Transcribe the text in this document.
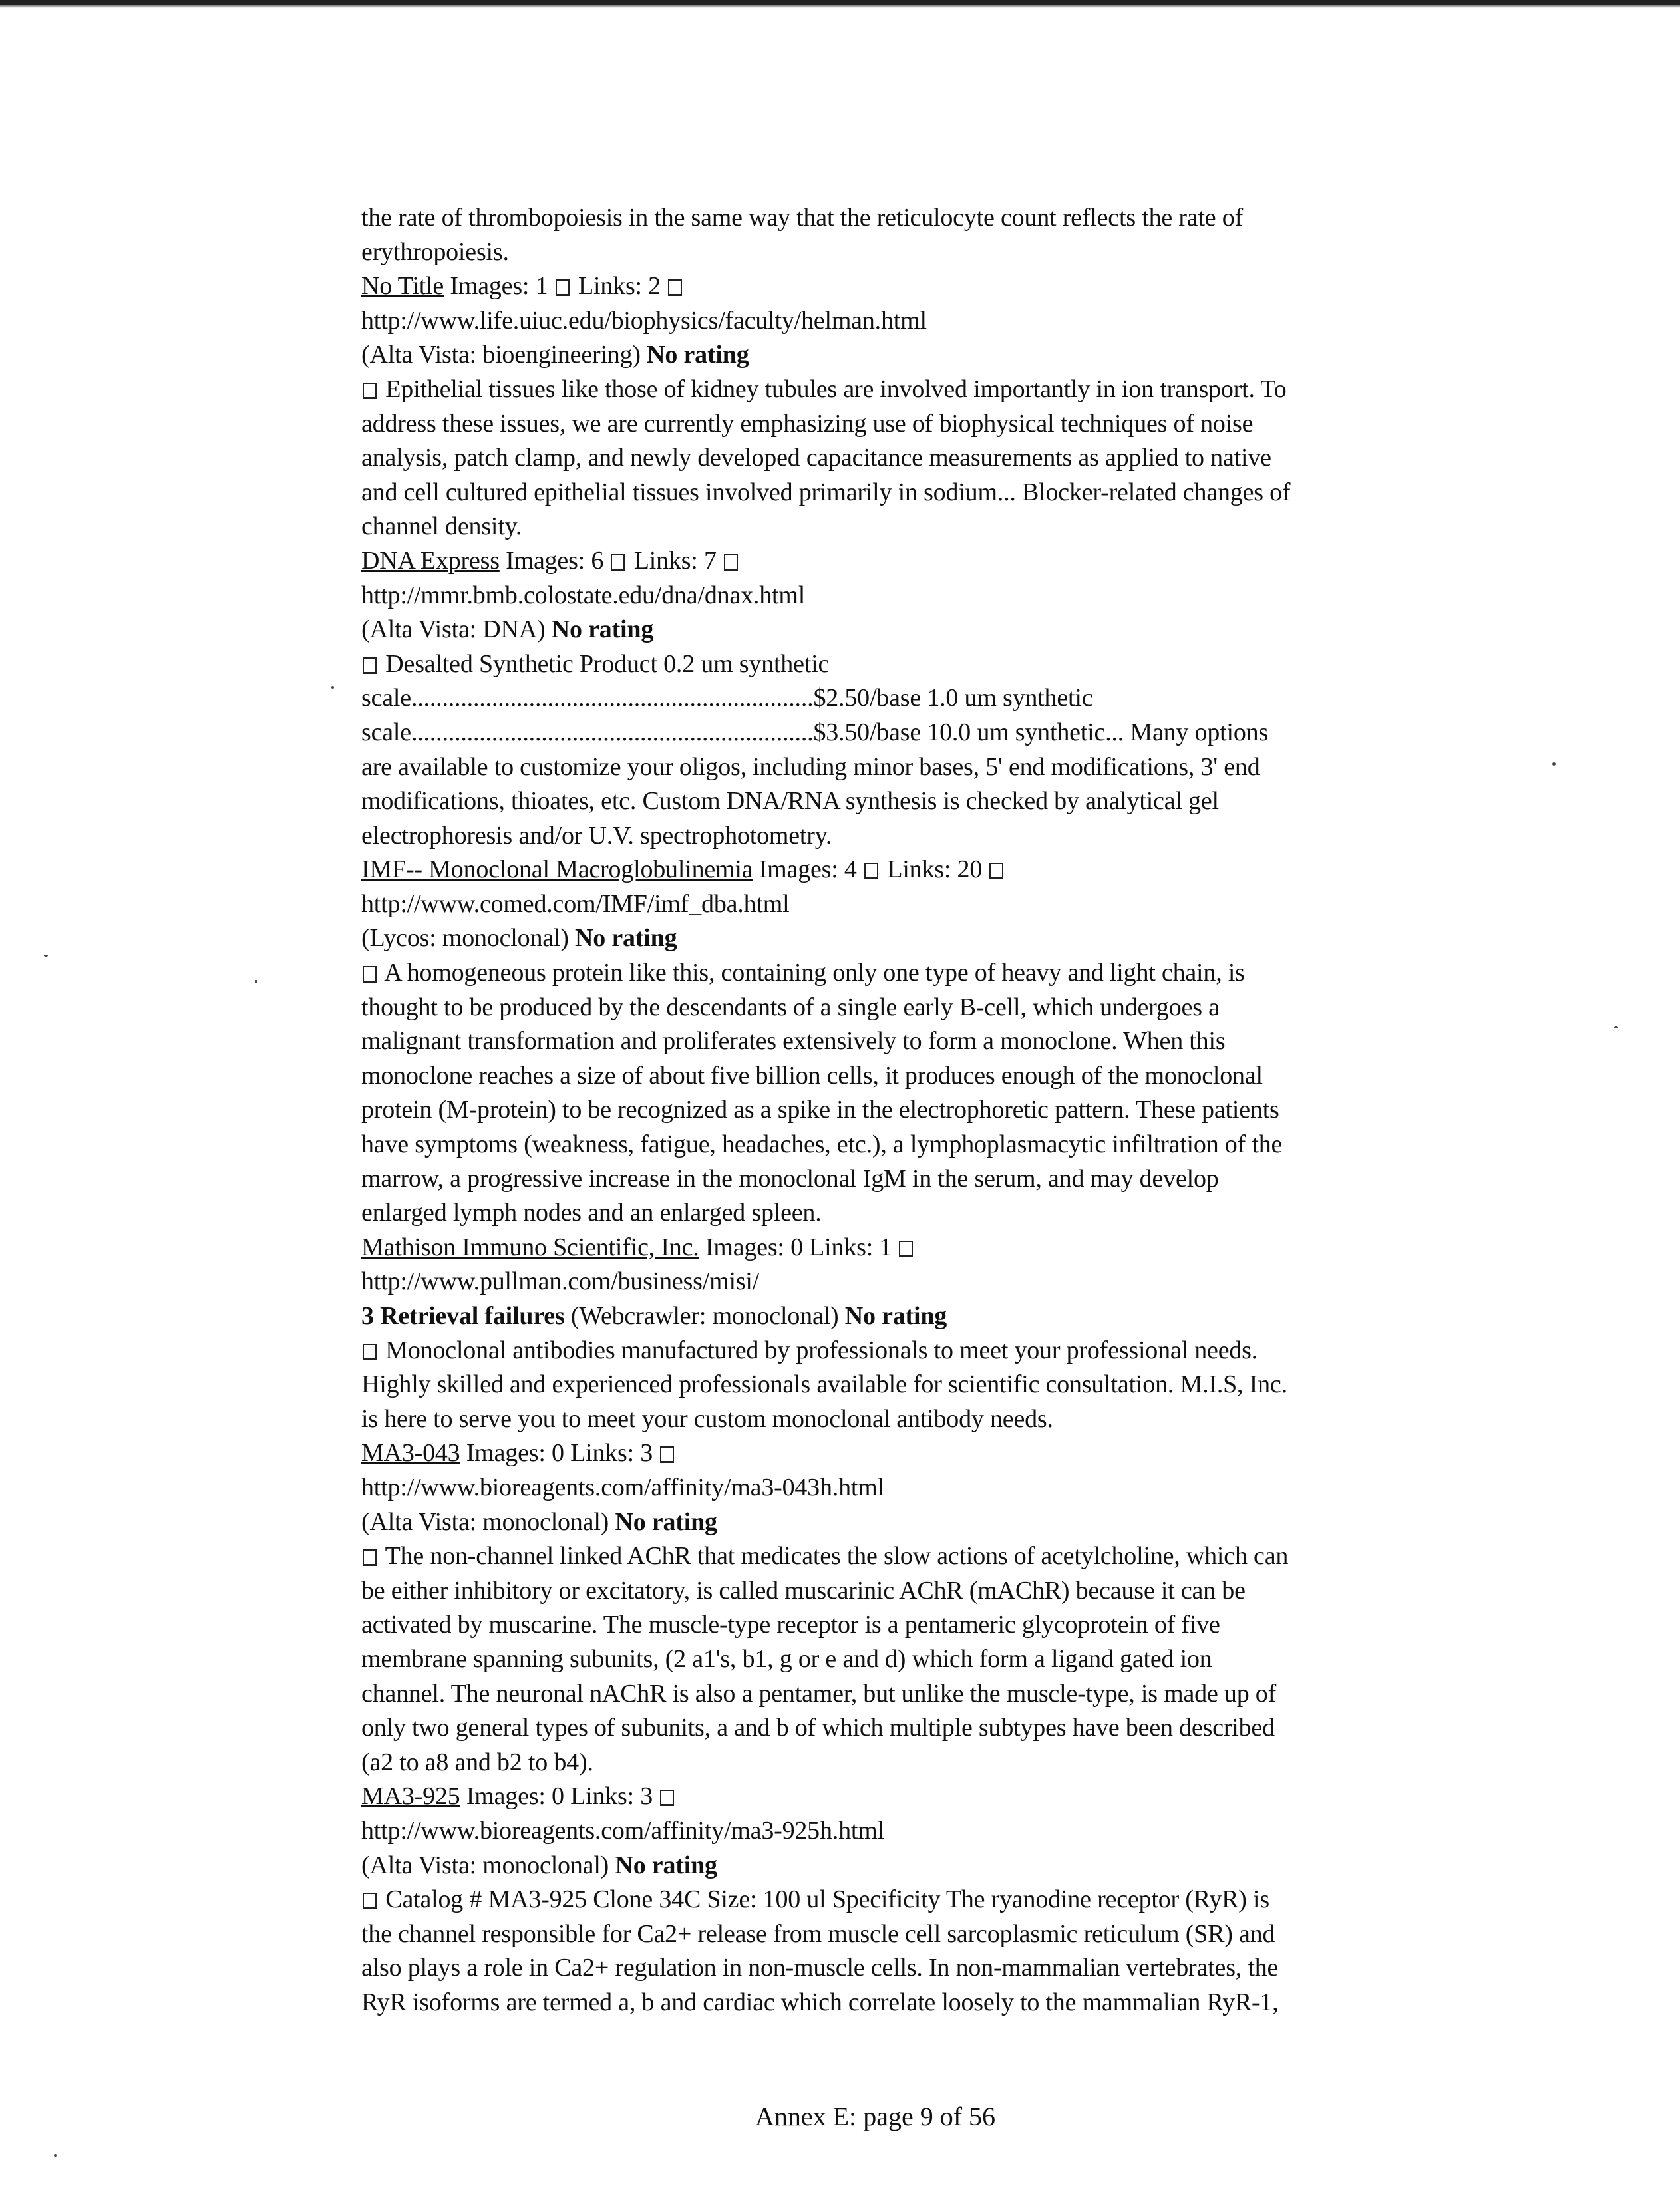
the rate of thrombopoiesis in the same way that the reticulocyte count reflects the rate of
erythropoiesis.
No Title Images: 1  Links: 2
http://www.life.uiuc.edu/biophysics/faculty/helman.html
(Alta Vista: bioengineering) No rating
Epithelial tissues like those of kidney tubules are involved importantly in ion transport. To
address these issues, we are currently emphasizing use of biophysical techniques of noise
analysis, patch clamp, and newly developed capacitance measurements as applied to native
and cell cultured epithelial tissues involved primarily in sodium... Blocker-related changes of
channel density.
DNA Express Images: 6  Links: 7
http://mmr.bmb.colostate.edu/dna/dnax.html
(Alta Vista: DNA) No rating
Desalted Synthetic Product 0.2 um synthetic
scale.................................................................$2.50/base 1.0 um synthetic
scale.................................................................$3.50/base 10.0 um synthetic... Many options
are available to customize your oligos, including minor bases, 5' end modifications, 3' end
modifications, thioates, etc. Custom DNA/RNA synthesis is checked by analytical gel
electrophoresis and/or U.V. spectrophotometry.
IMF-- Monoclonal Macroglobulinemia Images: 4  Links: 20
http://www.comed.com/IMF/imf_dba.html
(Lycos: monoclonal) No rating
A homogeneous protein like this, containing only one type of heavy and light chain, is
thought to be produced by the descendants of a single early B-cell, which undergoes a
malignant transformation and proliferates extensively to form a monoclone. When this
monoclone reaches a size of about five billion cells, it produces enough of the monoclonal
protein (M-protein) to be recognized as a spike in the electrophoretic pattern. These patients
have symptoms (weakness, fatigue, headaches, etc.), a lymphoplasmacytic infiltration of the
marrow, a progressive increase in the monoclonal IgM in the serum, and may develop
enlarged lymph nodes and an enlarged spleen.
Mathison Immuno Scientific, Inc. Images: 0 Links: 1
http://www.pullman.com/business/misi/
3 Retrieval failures (Webcrawler: monoclonal) No rating
Monoclonal antibodies manufactured by professionals to meet your professional needs.
Highly skilled and experienced professionals available for scientific consultation. M.I.S, Inc.
is here to serve you to meet your custom monoclonal antibody needs.
MA3-043 Images: 0 Links: 3
http://www.bioreagents.com/affinity/ma3-043h.html
(Alta Vista: monoclonal) No rating
The non-channel linked AChR that medicates the slow actions of acetylcholine, which can
be either inhibitory or excitatory, is called muscarinic AChR (mAChR) because it can be
activated by muscarine. The muscle-type receptor is a pentameric glycoprotein of five
membrane spanning subunits, (2 a1's, b1, g or e and d) which form a ligand gated ion
channel. The neuronal nAChR is also a pentamer, but unlike the muscle-type, is made up of
only two general types of subunits, a and b of which multiple subtypes have been described
(a2 to a8 and b2 to b4).
MA3-925 Images: 0 Links: 3
http://www.bioreagents.com/affinity/ma3-925h.html
(Alta Vista: monoclonal) No rating
Catalog # MA3-925 Clone 34C Size: 100 ul Specificity The ryanodine receptor (RyR) is
the channel responsible for Ca2+ release from muscle cell sarcoplasmic reticulum (SR) and
also plays a role in Ca2+ regulation in non-muscle cells. In non-mammalian vertebrates, the
RyR isoforms are termed a, b and cardiac which correlate loosely to the mammalian RyR-1,
Annex E: page 9 of 56
